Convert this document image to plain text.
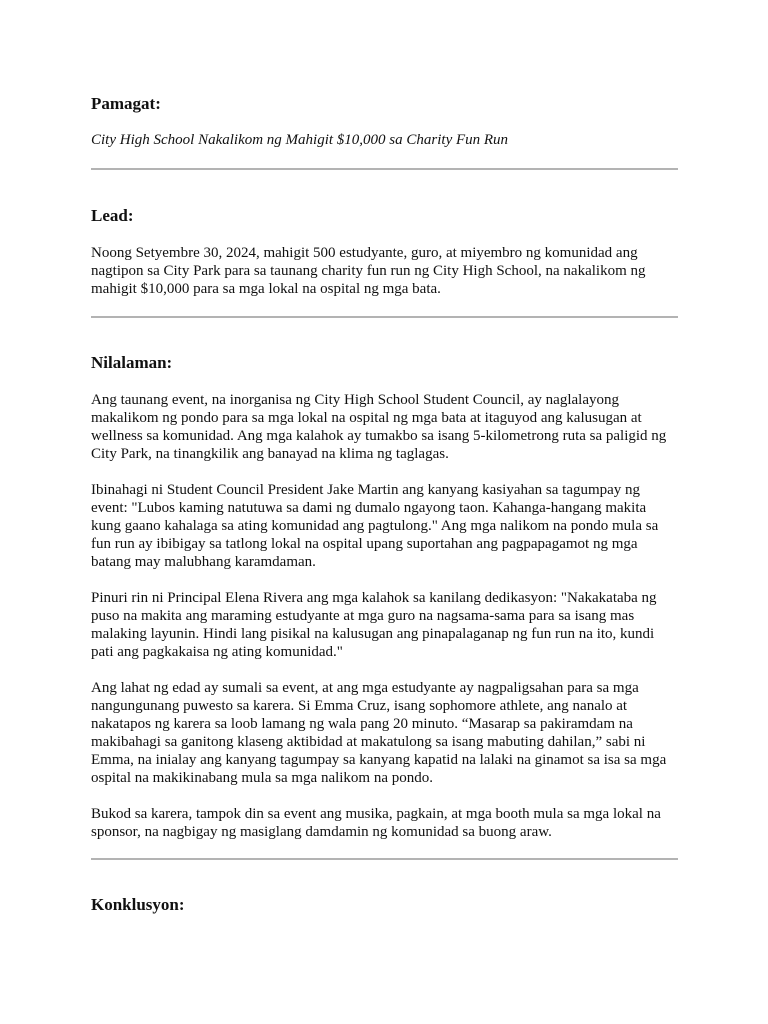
Pamagat:

City High School Nakalikom ng Mahigit $10,000 sa Charity Fun Run

Lead:

Noong Setyembre 30, 2024, mahigit 500 estudyante, guro, at miyembro ng komunidad ang nagtipon sa City Park para sa taunang charity fun run ng City High School, na nakalikom ng mahigit $10,000 para sa mga lokal na ospital ng mga bata.

Nilalaman:

Ang taunang event, na inorganisa ng City High School Student Council, ay naglalayong makalikom ng pondo para sa mga lokal na ospital ng mga bata at itaguyod ang kalusugan at wellness sa komunidad. Ang mga kalahok ay tumakbo sa isang 5-kilometrong ruta sa paligid ng City Park, na tinangkilik ang banayad na klima ng taglagas.

Ibinahagi ni Student Council President Jake Martin ang kanyang kasiyahan sa tagumpay ng event: "Lubos kaming natutuwa sa dami ng dumalo ngayong taon. Kahanga-hangang makita kung gaano kahalaga sa ating komunidad ang pagtulong." Ang mga nalikom na pondo mula sa fun run ay ibibigay sa tatlong lokal na ospital upang suportahan ang pagpapagamot ng mga batang may malubhang karamdaman.

Pinuri rin ni Principal Elena Rivera ang mga kalahok sa kanilang dedikasyon: "Nakakataba ng puso na makita ang maraming estudyante at mga guro na nagsama-sama para sa isang mas malaking layunin. Hindi lang pisikal na kalusugan ang pinapalaganap ng fun run na ito, kundi pati ang pagkakaisa ng ating komunidad."

Ang lahat ng edad ay sumali sa event, at ang mga estudyante ay nagpaligsahan para sa mga nangungunang puwesto sa karera. Si Emma Cruz, isang sophomore athlete, ang nanalo at nakatapos ng karera sa loob lamang ng wala pang 20 minuto. “Masarap sa pakiramdam na makibahagi sa ganitong klaseng aktibidad at makatulong sa isang mabuting dahilan,” sabi ni Emma, na inialay ang kanyang tagumpay sa kanyang kapatid na lalaki na ginamot sa isa sa mga ospital na makikinabang mula sa mga nalikom na pondo.

Bukod sa karera, tampok din sa event ang musika, pagkain, at mga booth mula sa mga lokal na sponsor, na nagbigay ng masiglang damdamin ng komunidad sa buong araw.

Konklusyon:
